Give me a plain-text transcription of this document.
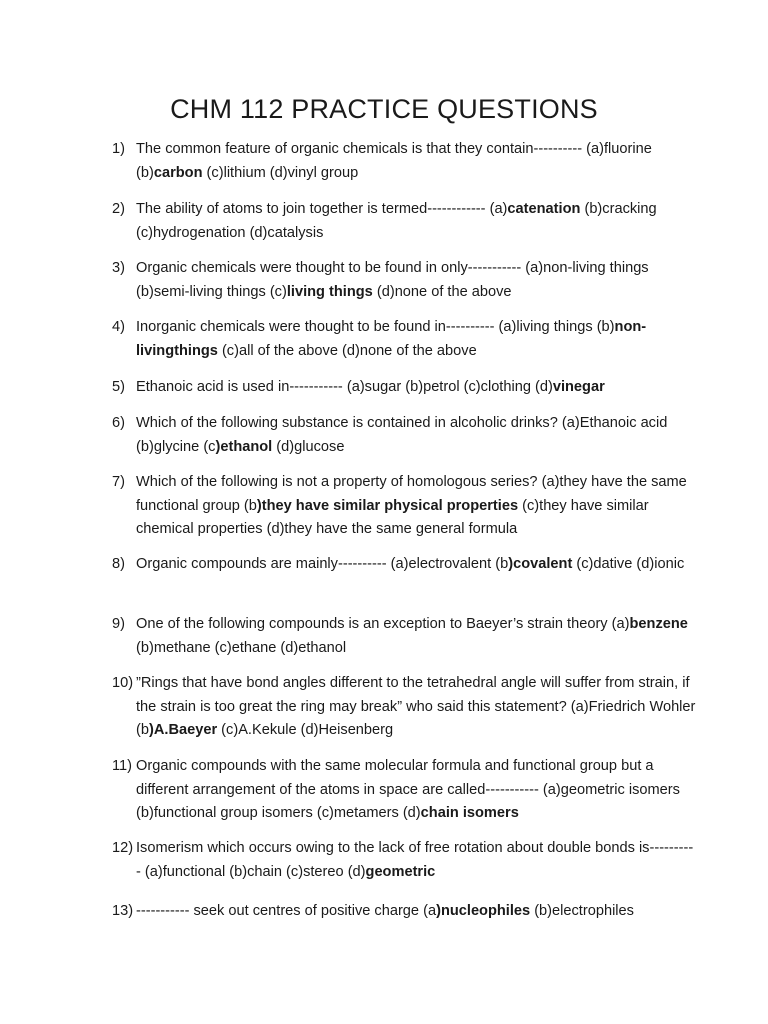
CHM 112 PRACTICE QUESTIONS
1) The common feature of organic chemicals is that they contain---------- (a)fluorine (b)carbon (c)lithium (d)vinyl group
2) The ability of atoms to join together is termed------------ (a)catenation (b)cracking (c)hydrogenation (d)catalysis
3) Organic chemicals were thought to be found in only----------- (a)non-living things (b)semi-living things (c)living things (d)none of the above
4) Inorganic chemicals were thought to be found in---------- (a)living things (b)non-livingthings (c)all of the above (d)none of the above
5) Ethanoic acid is used in----------- (a)sugar (b)petrol (c)clothing (d)vinegar
6) Which of the following substance is contained in alcoholic drinks? (a)Ethanoic acid (b)glycine (c)ethanol (d)glucose
7) Which of the following is not a property of homologous series? (a)they have the same functional group (b)they have similar physical properties (c)they have similar chemical properties (d)they have the same general formula
8) Organic compounds are mainly---------- (a)electrovalent (b)covalent (c)dative (d)ionic
9) One of the following compounds is an exception to Baeyer’s strain theory (a)benzene (b)methane (c)ethane (d)ethanol
10) ”Rings that have bond angles different to the tetrahedral angle will suffer from strain, if the strain is too great the ring may break” who said this statement? (a)Friedrich Wohler (b)A.Baeyer (c)A.Kekule (d)Heisenberg
11) Organic compounds with the same molecular formula and functional group but a different arrangement of the atoms in space are called----------- (a)geometric isomers (b)functional group isomers (c)metamers (d)chain isomers
12) Isomerism which occurs owing to the lack of free rotation about double bonds is---------- (a)functional (b)chain (c)stereo (d)geometric
13) ----------- seek out centres of positive charge (a)nucleophiles (b)electrophiles
